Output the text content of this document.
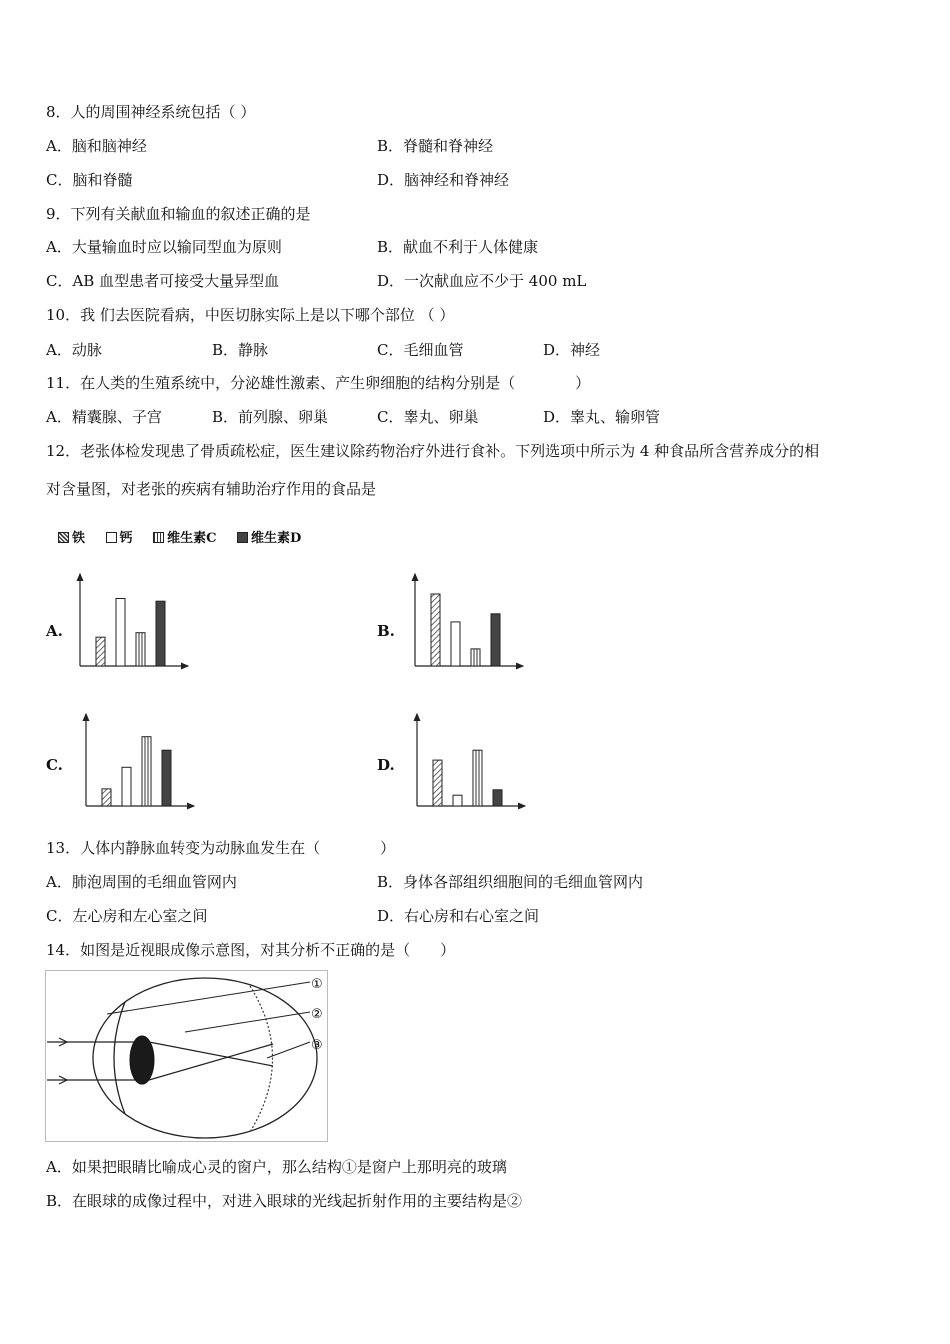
8．人的周围神经系统包括（ ）
A．脑和脑神经	B．脊髓和脊神经
C．脑和脊髓	D．脑神经和脊神经
9．下列有关献血和输血的叙述正确的是
A．大量输血时应以输同型血为原则	B．献血不利于人体健康
C．AB 血型患者可接受大量异型血	D．一次献血应不少于 400 mL
10．我 们去医院看病，中医切脉实际上是以下哪个部位 （ ）
A．动脉	B．静脉	C．毛细血管	D．神经
11．在人类的生殖系统中，分泌雄性激素、产生卵细胞的结构分别是（　　　　）
A．精囊腺、子宫	B．前列腺、卵巢	C．睾丸、卵巢	D．睾丸、输卵管
12．老张体检发现患了骨质疏松症，医生建议除药物治疗外进行食补。下列选项中所示为 4 种食品所含营养成分的相
对含量图，对老张的疾病有辅助治疗作用的食品是
铁	钙	维生素C	维生素D
A.	B.
C.	D.
13．人体内静脉血转变为动脉血发生在（　　　　）
A．肺泡周围的毛细血管网内	B．身体各部组织细胞间的毛细血管网内
C．左心房和左心室之间	D．右心房和右心室之间
14．如图是近视眼成像示意图，对其分析不正确的是（　　）
①
②
③
A．如果把眼睛比喻成心灵的窗户，那么结构①是窗户上那明亮的玻璃
B．在眼球的成像过程中，对进入眼球的光线起折射作用的主要结构是②
